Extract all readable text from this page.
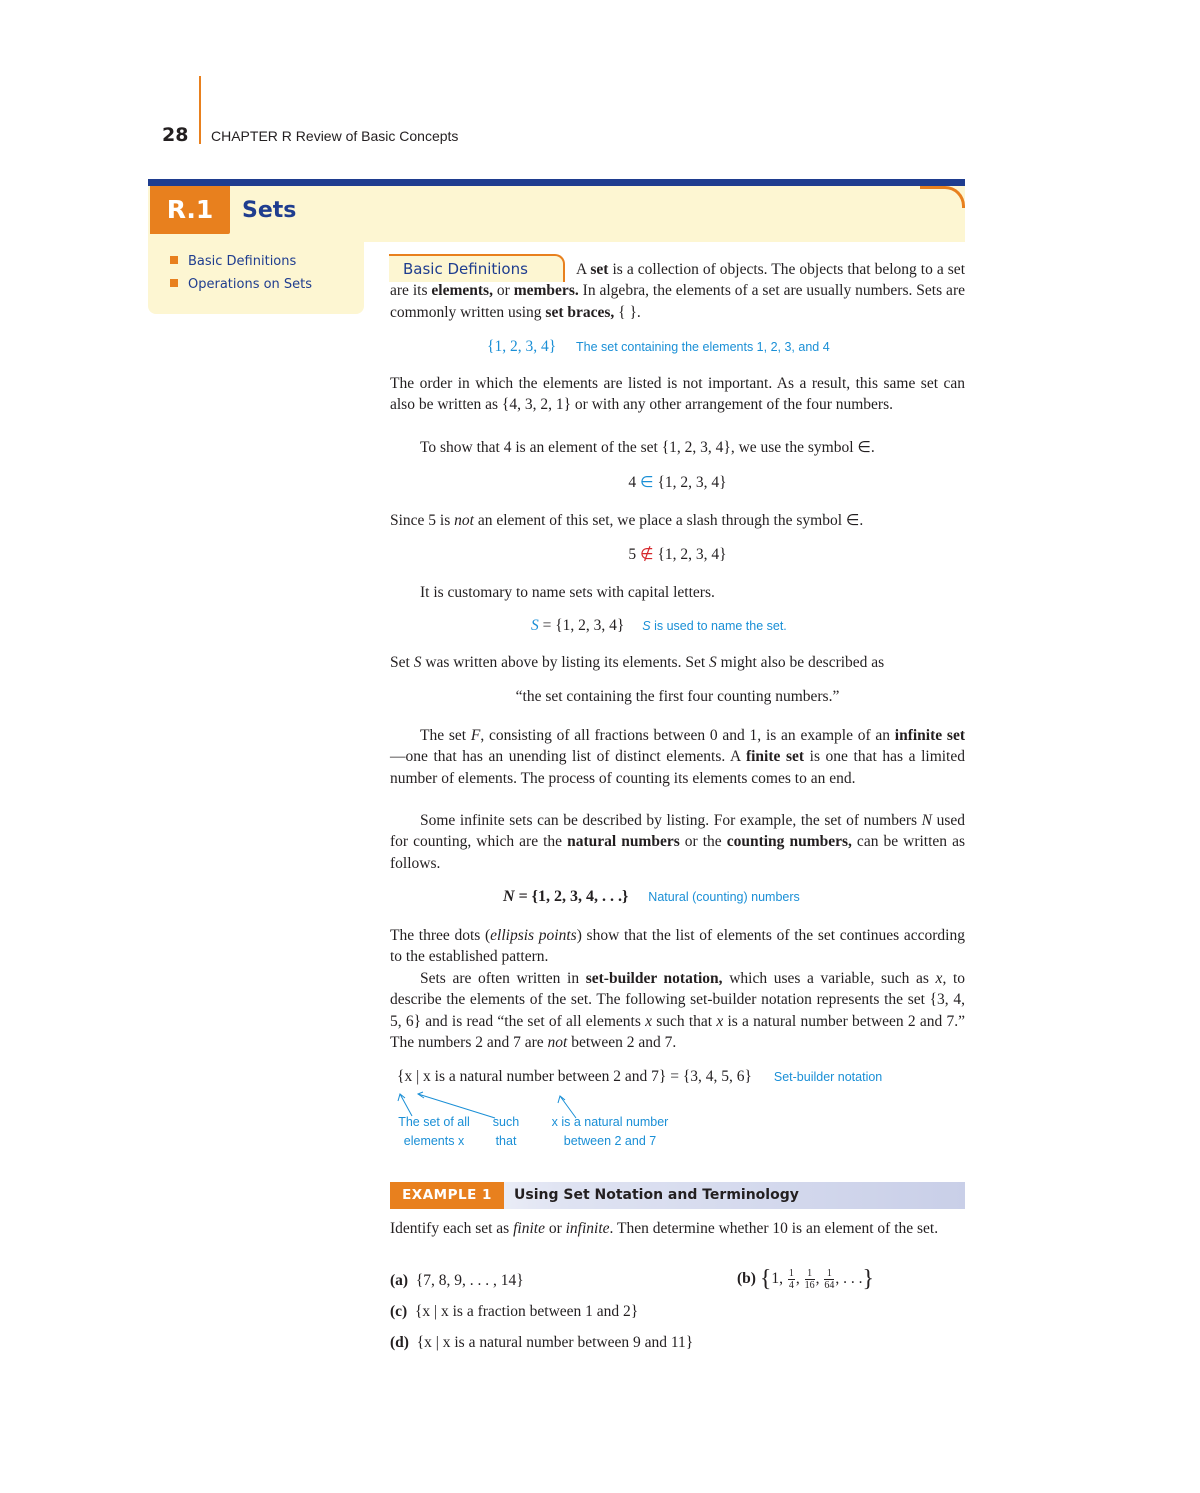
28 CHAPTER R Review of Basic Concepts
R.1	Sets
Basic Definitions
Operations on Sets
Basic Definitions	A set is a collection of objects. The objects that belong to a set are its elements, or members. In algebra, the elements of a set are usually numbers. Sets are commonly written using set braces, { }.
{1, 2, 3, 4} The set containing the elements 1, 2, 3, and 4
The order in which the elements are listed is not important. As a result, this same set can also be written as {4, 3, 2, 1} or with any other arrangement of the four numbers.
To show that 4 is an element of the set {1, 2, 3, 4}, we use the symbol ∈.
4 ∈ {1, 2, 3, 4}
Since 5 is not an element of this set, we place a slash through the symbol ∈.
5 ∉ {1, 2, 3, 4}
It is customary to name sets with capital letters.
S = {1, 2, 3, 4} S is used to name the set.
Set S was written above by listing its elements. Set S might also be described as
“the set containing the first four counting numbers.”
The set F, consisting of all fractions between 0 and 1, is an example of an infinite set—one that has an unending list of distinct elements. A finite set is one that has a limited number of elements. The process of counting its elements comes to an end.
Some infinite sets can be described by listing. For example, the set of numbers N used for counting, which are the natural numbers or the counting numbers, can be written as follows.
N = {1, 2, 3, 4, . . .} Natural (counting) numbers
The three dots (ellipsis points) show that the list of elements of the set continues according to the established pattern.
Sets are often written in set-builder notation, which uses a variable, such as x, to describe the elements of the set. The following set-builder notation represents the set {3, 4, 5, 6} and is read “the set of all elements x such that x is a natural number between 2 and 7.” The numbers 2 and 7 are not between 2 and 7.
{x | x is a natural number between 2 and 7} = {3, 4, 5, 6} Set-builder notation
The set of all
elements x
such
that
x is a natural number
between 2 and 7
EXAMPLE 1	Using Set Notation and Terminology
Identify each set as finite or infinite. Then determine whether 10 is an element of the set.
(a) {7, 8, 9, . . . , 14}	(b) {1, $\frac{1}{4}$ , $\frac{1}{16}$ , $\frac{1}{64}$ , . . .}
(c) {x | x is a fraction between 1 and 2}
(d) {x | x is a natural number between 9 and 11}
